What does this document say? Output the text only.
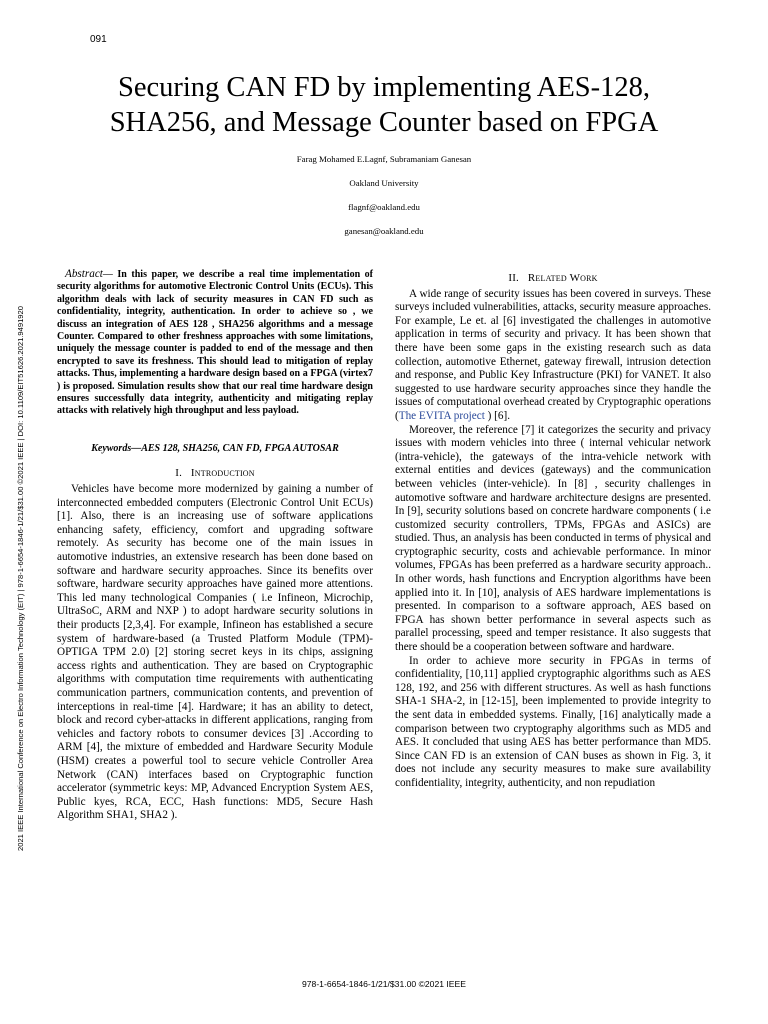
091
2021 IEEE International Conference on Electro Information Technology (EIT) | 978-1-6654-1846-1/21/$31.00 ©2021 IEEE | DOI: 10.1109/EIT51626.2021.9491920
Securing CAN FD by implementing AES-128,
SHA256, and Message Counter based on FPGA
Farag Mohamed E.Lagnf, Subramaniam Ganesan
Oakland University
flagnf@oakland.edu
ganesan@oakland.edu
Abstract— In this paper, we describe a real time implementation of security algorithms for automotive Electronic Control Units (ECUs). This algorithm deals with lack of security measures in CAN FD such as confidentiality, integrity, authentication. In order to achieve so , we discuss an integration of AES 128 , SHA256 algorithms and a message Counter. Compared to other freshness approaches with some limitations, uniquely the message counter is padded to end of the message and then encrypted to save its freshness. This should lead to mitigation of replay attacks. Thus, implementing a hardware design based on a FPGA (virtex7 ) is proposed. Simulation results show that our real time hardware design ensures successfully data integrity, authenticity and mitigating replay attacks with relatively high throughput and less payload.
Keywords—AES 128, SHA256, CAN FD, FPGA AUTOSAR
I. Introduction

Vehicles have become more modernized by gaining a number of interconnected embedded computers (Electronic Control Unit ECUs) [1]. Also, there is an increasing use of software applications enhancing safety, efficiency, comfort and upgrading software remotely. As security has become one of the main issues in automotive industries, an extensive research has been done based on software and hardware security approaches. Since its benefits over software, hardware security approaches have gained more attentions. This led many technological Companies ( i.e Infineon, Microchip, UltraSoC, ARM and NXP ) to adopt hardware security solutions in their products [2,3,4]. For example, Infineon has established a secure system of hardware-based (a Trusted Platform Module (TPM)- OPTIGA TPM 2.0) [2] storing secret keys in its chips, assigning access rights and authentication. They are based on Cryptographic algorithms with computation time requirements with authenticating communication partners, communication contents, and prevention of interceptions in real-time [4]. Hardware; it has an ability to detect, block and record cyber-attacks in different applications, ranging from vehicles and factory robots to consumer devices [3] .According to ARM [4], the mixture of embedded and Hardware Security Module (HSM) creates a powerful tool to secure vehicle Controller Area Network (CAN) interfaces based on Cryptographic function accelerator (symmetric keys: MP, Advanced Encryption System AES, Public kyes, RCA, ECC, Hash functions: MD5, Secure Hash Algorithm SHA1, SHA2 ).

II. Related Work

A wide range of security issues has been covered in surveys. These surveys included vulnerabilities, attacks, security measure approaches. For example, Le et. al [6] investigated the challenges in automotive application in terms of security and privacy. It has been shown that there have been some gaps in the existing research such as data collection, automotive Ethernet, gateway firewall, intrusion detection and response, and Public Key Infrastructure (PKI) for VANET. It also suggested to use hardware security approaches since they handle the issues of computational overhead created by Cryptographic operations (The EVITA project ) [6].

Moreover, the reference [7] it categorizes the security and privacy issues with modern vehicles into three ( internal vehicular network (intra-vehicle), the gateways of the intra-vehicle network with external entities and devices (gateways) and the communication between vehicles (inter-vehicle). In [8] , security challenges in automotive software and hardware architecture designs are presented. In [9], security solutions based on concrete hardware components ( i.e customized security controllers, TPMs, FPGAs and ASICs) are studied. Thus, an analysis has been conducted in terms of physical and cryptographic security, costs and achievable performance. In minor volumes, FPGAs has been preferred as a hardware security approach.. In other words, hash functions and Encryption algorithms have been applied into it. In [10], analysis of AES hardware implementations is presented. In comparison to a software approach, AES based on FPGA has shown better performance in several aspects such as parallel processing, speed and temper resistance. It also suggests that there should be a cooperation between software and hardware.

In order to achieve more security in FPGAs in terms of confidentiality, [10,11] applied cryptographic algorithms such as AES 128, 192, and 256 with different structures. As well as hash functions SHA-1 SHA-2, in [12-15], been implemented to provide integrity to the sent data in embedded systems. Finally, [16] analytically made a comparison between two cryptography algorithms such as MD5 and AES. It concluded that using AES has better performance than MD5. Since CAN FD is an extension of CAN buses as shown in Fig. 3, it does not include any security measures to make sure availability confidentiality, integrity, authenticity, and non repudiation

978-1-6654-1846-1/21/$31.00 ©2021 IEEE
